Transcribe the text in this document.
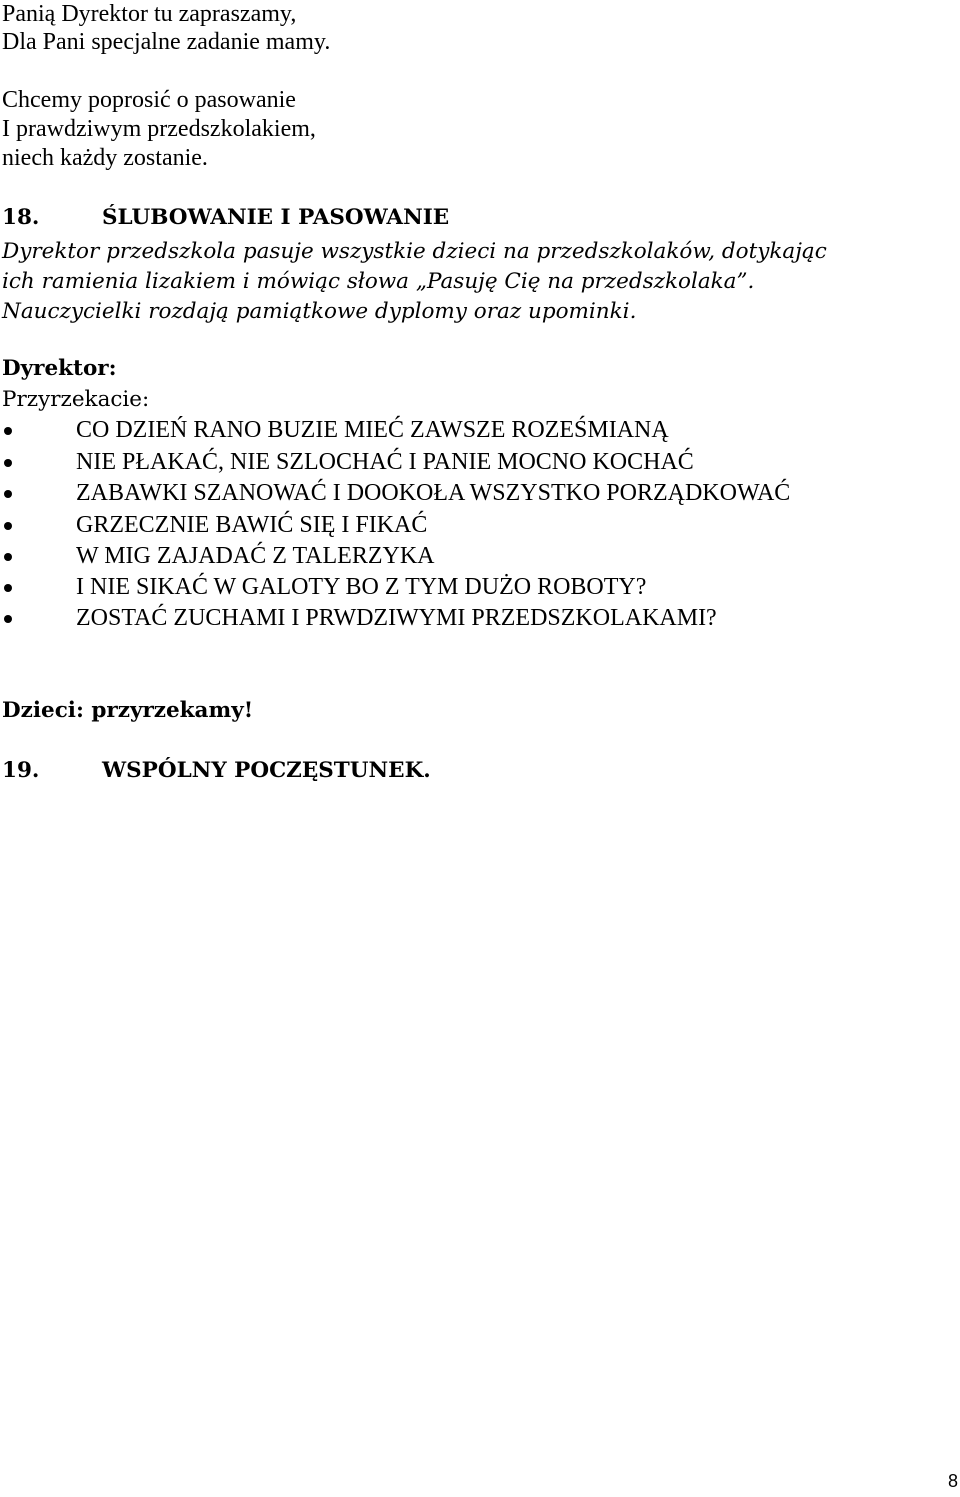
Panią Dyrektor tu zapraszamy,
Dla Pani specjalne zadanie mamy.
Chcemy poprosić o pasowanie
I prawdziwym przedszkolakiem,
niech każdy zostanie.
18.	ŚLUBOWANIE I PASOWANIE
Dyrektor przedszkola pasuje wszystkie dzieci na przedszkolaków, dotykając
ich ramienia lizakiem i mówiąc słowa „Pasuję Cię na przedszkolaka”.
Nauczycielki rozdają pamiątkowe dyplomy oraz upominki.
Dyrektor:
Przyrzekacie:
CO DZIEŃ RANO BUZIE MIEĆ ZAWSZE ROZEŚMIANĄ
NIE PŁAKAĆ, NIE SZLOCHAĆ I PANIE MOCNO KOCHAĆ
ZABAWKI SZANOWAĆ I DOOKOŁA WSZYSTKO PORZĄDKOWAĆ
GRZECZNIE BAWIĆ SIĘ I FIKAĆ
W MIG ZAJADAĆ Z TALERZYKA
I NIE SIKAĆ W GALOTY BO Z TYM DUŻO ROBOTY?
ZOSTAĆ ZUCHAMI I PRWDZIWYMI PRZEDSZKOLAKAMI?
Dzieci: przyrzekamy!
19.	WSPÓLNY POCZĘSTUNEK.
8
